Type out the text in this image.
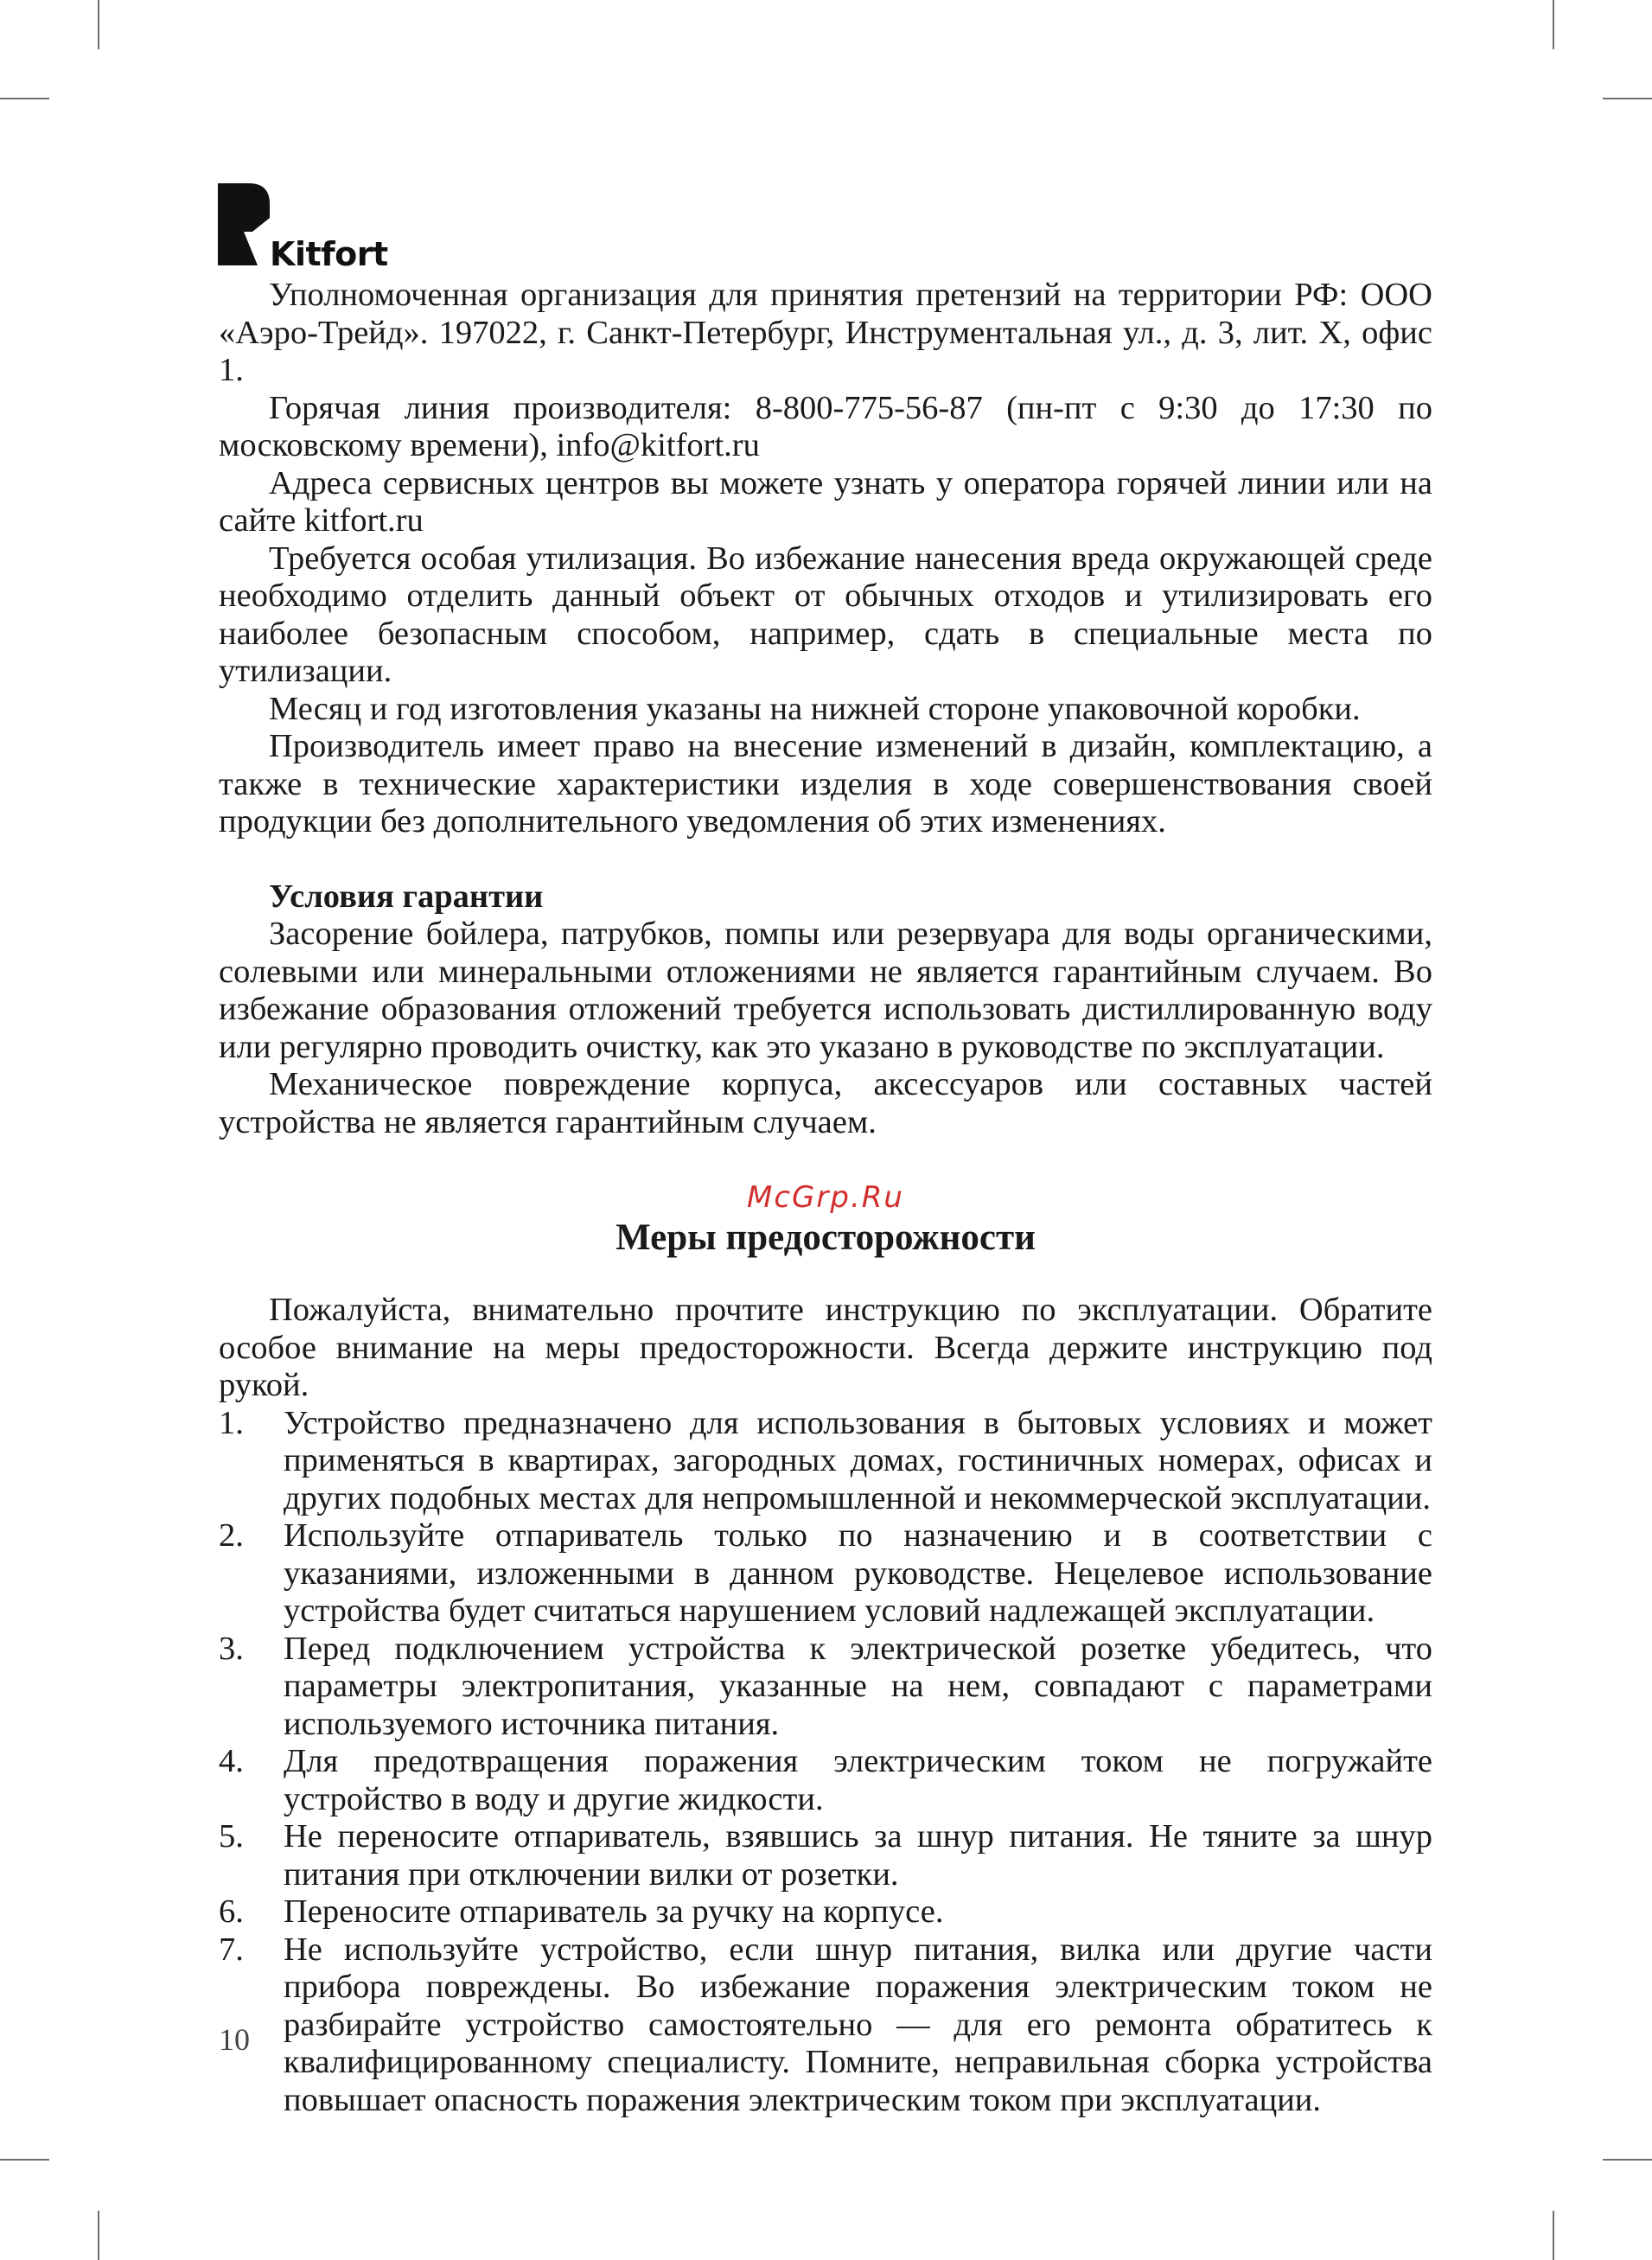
Kitfort

Уполномоченная организация для принятия претензий на территории РФ: ООО «Аэро-Трейд». 197022, г. Санкт-Петербург, Инструментальная ул., д. 3, лит. Х, офис 1.

Горячая линия производителя: 8-800-775-56-87 (пн-пт с 9:30 до 17:30 по московскому времени), info@kitfort.ru

Адреса сервисных центров вы можете узнать у оператора горячей линии или на сайте kitfort.ru

Требуется особая утилизация. Во избежание нанесения вреда окружающей среде необходимо отделить данный объект от обычных отходов и утилизировать его наиболее безопасным способом, например, сдать в специальные места по утилизации.

Месяц и год изготовления указаны на нижней стороне упаковочной коробки.

Производитель имеет право на внесение изменений в дизайн, комплектацию, а также в технические характеристики изделия в ходе совершенствования своей продукции без дополнительного уведомления об этих изменениях.

Условия гарантии

Засорение бойлера, патрубков, помпы или резервуара для воды органическими, солевыми или минеральными отложениями не является гарантийным случаем. Во избежание образования отложений требуется использовать дистиллированную воду или регулярно проводить очистку, как это указано в руководстве по эксплуатации.

Механическое повреждение корпуса, аксессуаров или составных частей устройства не является гарантийным случаем.

McGrp.Ru
Меры предосторожности

Пожалуйста, внимательно прочтите инструкцию по эксплуатации. Обратите особое внимание на меры предосторожности. Всегда держите инструкцию под рукой.

1.	Устройство предназначено для использования в бытовых условиях и может применяться в квартирах, загородных домах, гостиничных номерах, офисах и других подобных местах для непромышленной и некоммерческой эксплуатации.
2.	Используйте отпариватель только по назначению и в соответствии с указаниями, изложенными в данном руководстве. Нецелевое использование устройства будет считаться нарушением условий надлежащей эксплуатации.
3.	Перед подключением устройства к электрической розетке убедитесь, что параметры электропитания, указанные на нем, совпадают с параметрами используемого источника питания.
4.	Для предотвращения поражения электрическим током не погружайте устройство в воду и другие жидкости.
5.	Не переносите отпариватель, взявшись за шнур питания. Не тяните за шнур питания при отключении вилки от розетки.
6.	Переносите отпариватель за ручку на корпусе.
7.	Не используйте устройство, если шнур питания, вилка или другие части прибора повреждены. Во избежание поражения электрическим током не разбирайте устройство самостоятельно — для его ремонта обратитесь к квалифицированному специалисту. Помните, неправильная сборка устройства повышает опасность поражения электрическим током при эксплуатации.
10
